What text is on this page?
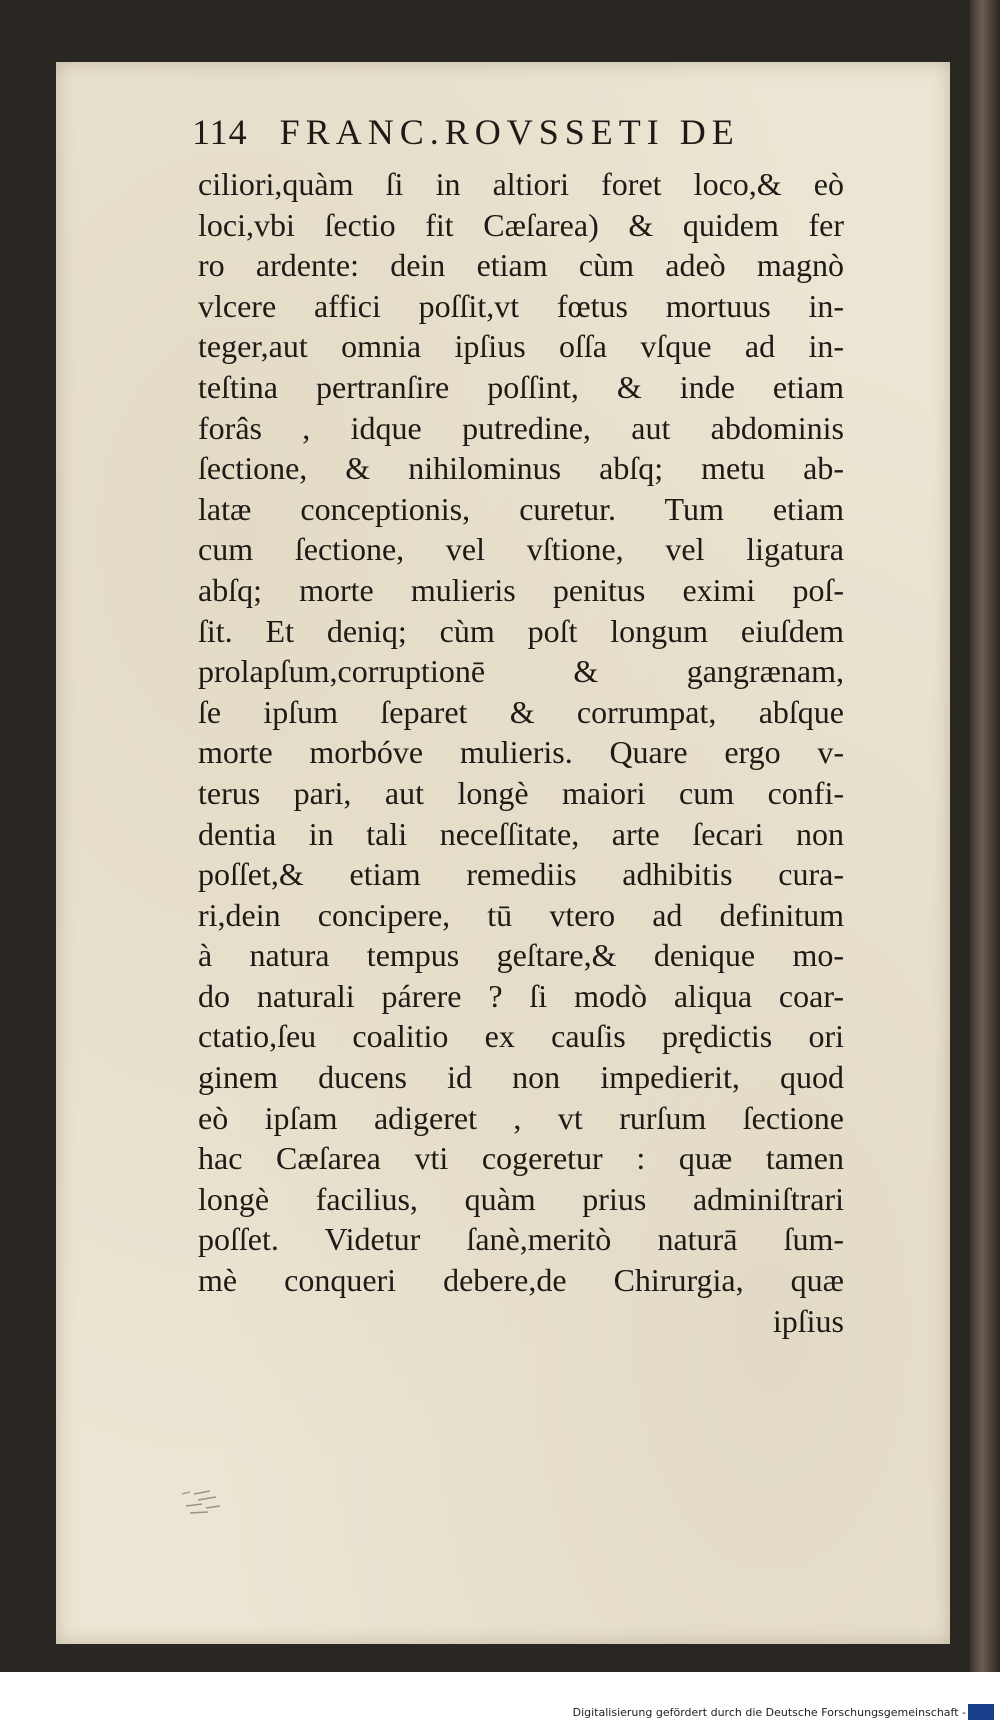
114 FRANC.ROVSSETI DE
ciliori,quàm ſi in altiori foret loco,& eò
loci,vbi ſectio fit Cæſarea) & quidem fer
ro ardente: dein etiam cùm adeò magnò
vlcere affici poſſit,vt fœtus mortuus in-
teger,aut omnia ipſius oſſa vſque ad in-
teſtina pertranſire poſſint, & inde etiam
forâs , idque putredine, aut abdominis
ſectione, & nihilominus abſq; metu ab-
latæ conceptionis, curetur. Tum etiam
cum ſectione, vel vſtione, vel ligatura
abſq; morte mulieris penitus eximi poſ-
ſit. Et deniq; cùm poſt longum eiuſdem
prolapſum,corruptionē & gangrænam,
ſe ipſum ſeparet & corrumpat, abſque
morte morbóve mulieris. Quare ergo v-
terus pari, aut longè maiori cum confi-
dentia in tali neceſſitate, arte ſecari non
poſſet,& etiam remediis adhibitis cura-
ri,dein concipere, tū vtero ad definitum
à natura tempus geſtare,& denique mo-
do naturali párere ? ſi modò aliqua coar-
ctatio,ſeu coalitio ex cauſis prędictis ori
ginem ducens id non impedierit, quod
eò ipſam adigeret , vt rurſum ſectione
hac Cæſarea vti cogeretur : quæ tamen
longè facilius, quàm prius adminiſtrari
poſſet. Videtur ſanè,meritò naturā ſum-
mè conqueri debere,de Chirurgia, quæ
ipſius
Digitalisierung gefördert durch die Deutsche Forschungsgemeinschaft -
